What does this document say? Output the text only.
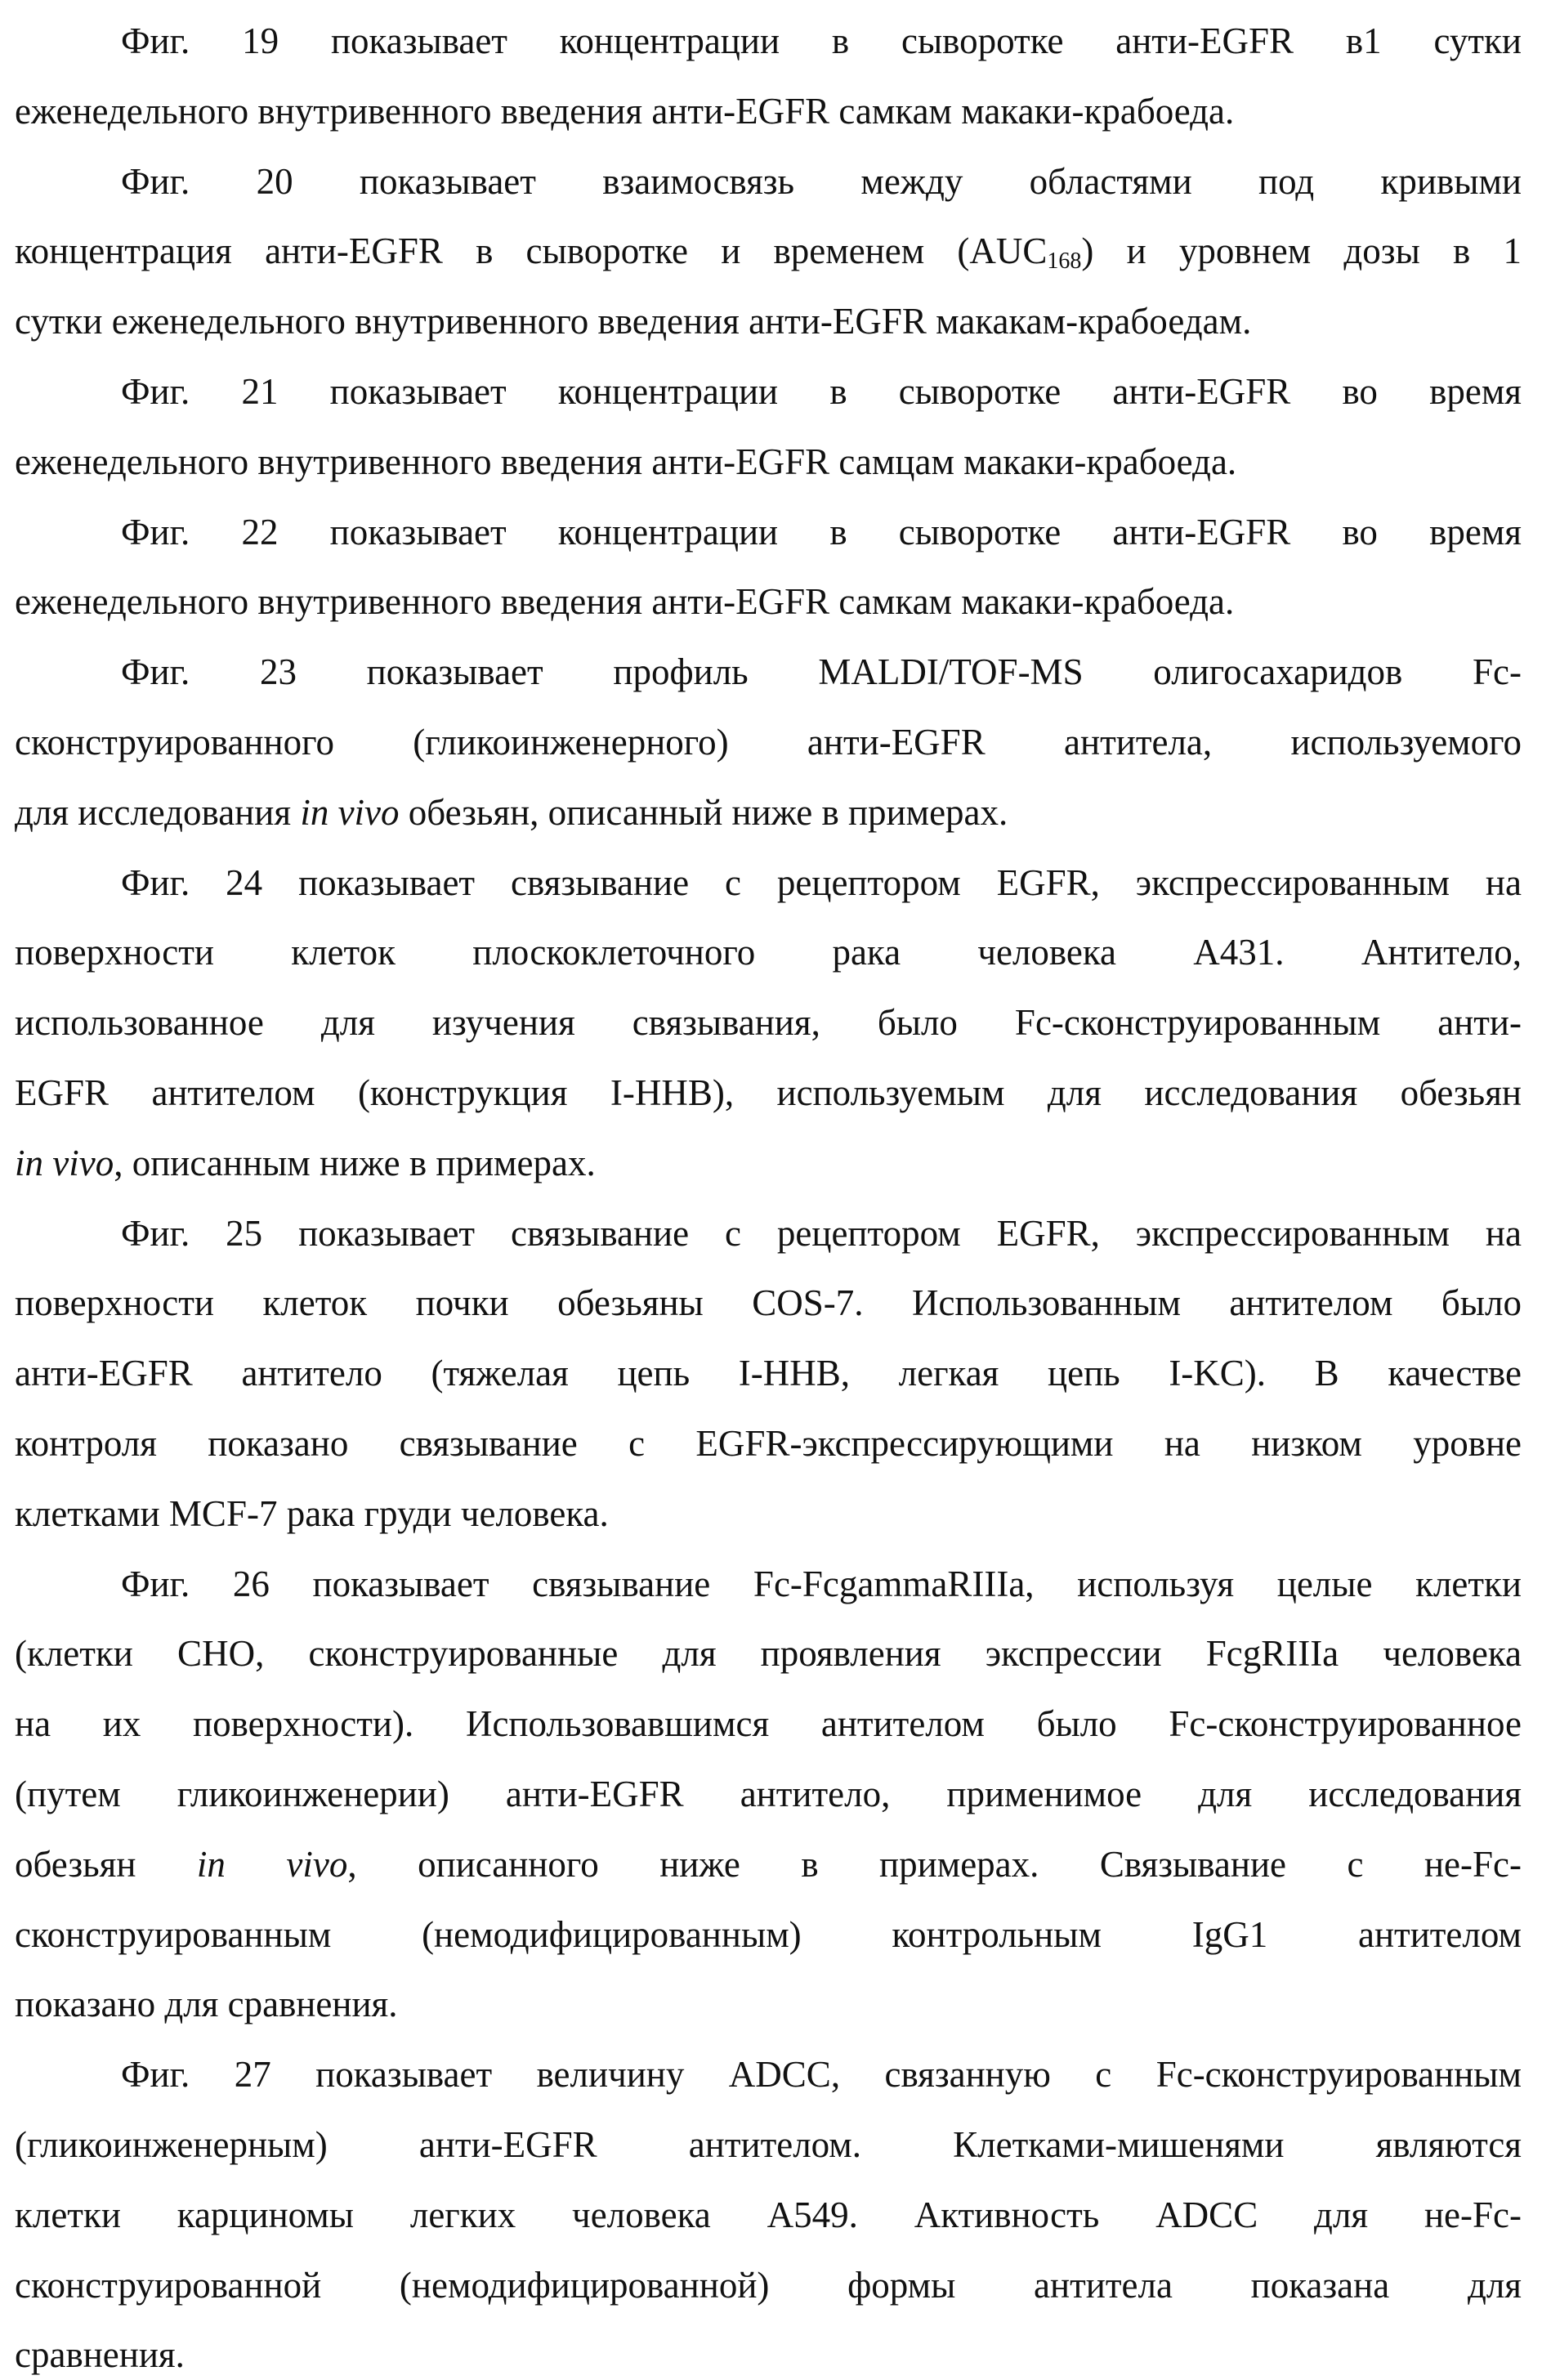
Фиг. 19 показывает концентрации в сыворотке анти-EGFR в1 сутки
еженедельного внутривенного введения анти-EGFR самкам макаки-крабоеда.
Фиг. 20 показывает взаимосвязь между областями под кривыми
концентрация анти-EGFR в сыворотке и временем (AUC168) и уровнем дозы в 1
сутки еженедельного внутривенного введения анти-EGFR макакам-крабоедам.
Фиг. 21 показывает концентрации в сыворотке анти-EGFR во время
еженедельного внутривенного введения анти-EGFR самцам макаки-крабоеда.
Фиг. 22 показывает концентрации в сыворотке анти-EGFR во время
еженедельного внутривенного введения анти-EGFR самкам макаки-крабоеда.
Фиг. 23 показывает профиль MALDI/TOF-MS олигосахаридов Fc-
сконструированного (гликоинженерного) анти-EGFR антитела, используемого
для исследования in vivo обезьян, описанный ниже в примерах.
Фиг. 24 показывает связывание с рецептором EGFR, экспрессированным на
поверхности клеток плоскоклеточного рака человека A431. Антитело,
использованное для изучения связывания, было Fc-сконструированным анти-
EGFR антителом (конструкция I-HHB), используемым для исследования обезьян
in vivo, описанным ниже в примерах.
Фиг. 25 показывает связывание с рецептором EGFR, экспрессированным на
поверхности клеток почки обезьяны COS-7. Использованным антителом было
анти-EGFR антитело (тяжелая цепь I-HHB, легкая цепь I-KC). В качестве
контроля показано связывание с EGFR-экспрессирующими на низком уровне
клетками MCF-7 рака груди человека.
Фиг. 26 показывает связывание Fc-FcgammaRIIIa, используя целые клетки
(клетки CHO, сконструированные для проявления экспрессии FcgRIIIa человека
на их поверхности). Использовавшимся антителом было Fc-сконструированное
(путем гликоинженерии) анти-EGFR антитело, применимое для исследования
обезьян in vivo, описанного ниже в примерах. Связывание с не-Fc-
сконструированным (немодифицированным) контрольным IgG1 антителом
показано для сравнения.
Фиг. 27 показывает величину ADCC, связанную с Fc-сконструированным
(гликоинженерным) анти-EGFR антителом. Клетками-мишенями являются
клетки карциномы легких человека A549. Активность ADCC для не-Fc-
сконструированной (немодифицированной) формы антитела показана для
сравнения.
